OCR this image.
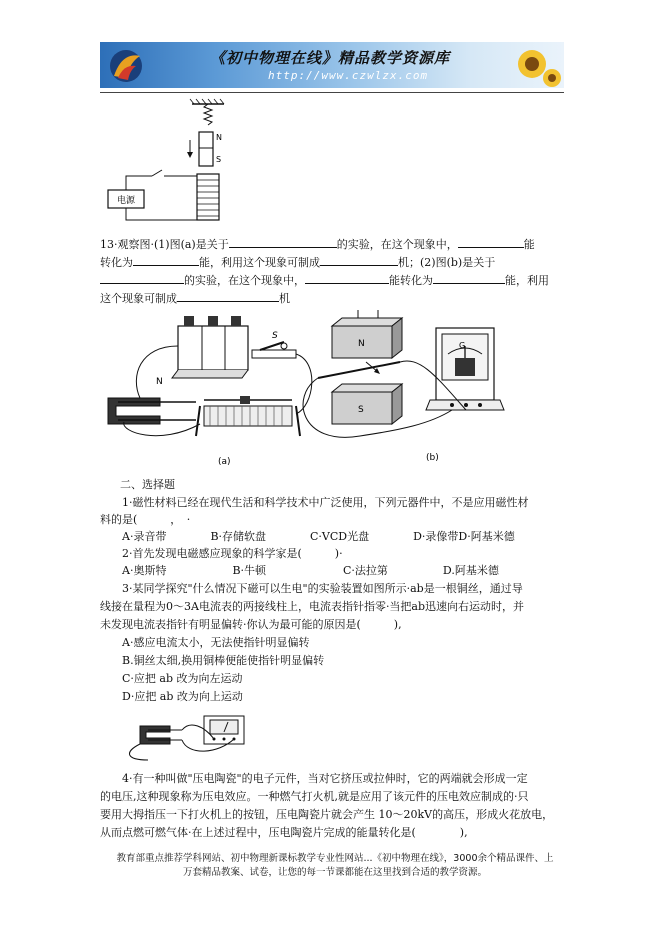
《初中物理在线》精品教学资源库
http://www.czwlzx.com
N
S
电源
13·观察图·(1)图(a)是关于	的实验，在这个现象中，	能
转化为	能，利用这个现象可制成	机；(2)图(b)是关于
的实验，在这个现象中，	能转化为	能，利用
这个现象可制成	机
S
N
(a)
N
S
G
(b)
二、选择题
1·磁性材料已经在现代生活和科学技术中广泛使用，下列元器件中，不是应用磁性材
料的是(　　　，　·
A·录音带　　　　B·存储软盘　　　　C·VCD光盘　　　　D·录像带D·阿基米德
2·首先发现电磁感应现象的科学家是(　　　)·
A·奥斯特　　　　　　B·牛顿　　　　　　　C·法拉第　　　　　D.阿基米德
3·某同学探究"什么情况下磁可以生电"的实验装置如图所示·ab是一根铜丝，通过导
线接在量程为0～3A电流表的两接线柱上，电流表指针指零·当把ab迅速向右运动时，并
未发现电流表指针有明显偏转·你认为最可能的原因是(　　　),
A·感应电流太小，无法使指针明显偏转
B.铜丝太细,换用铜棒便能使指针明显偏转
C·应把 ab 改为向左运动
D·应把 ab 改为向上运动
4·有一种叫做"压电陶瓷"的电子元件，当对它挤压或拉伸时，它的两端就会形成一定
的电压,这种现象称为压电效应。一种燃气打火机,就是应用了该元件的压电效应制成的·只
要用大拇指压一下打火机上的按钮，压电陶瓷片就会产生 10～20kV的高压，形成火花放电，
从而点燃可燃气体·在上述过程中，压电陶瓷片完成的能量转化是(　　　　),
教育部重点推荐学科网站、初中物理新课标教学专业性网站...《初中物理在线》，3000余个精品课件、上
万套精品教案、试卷，让您的每一节课都能在这里找到合适的教学资源。
